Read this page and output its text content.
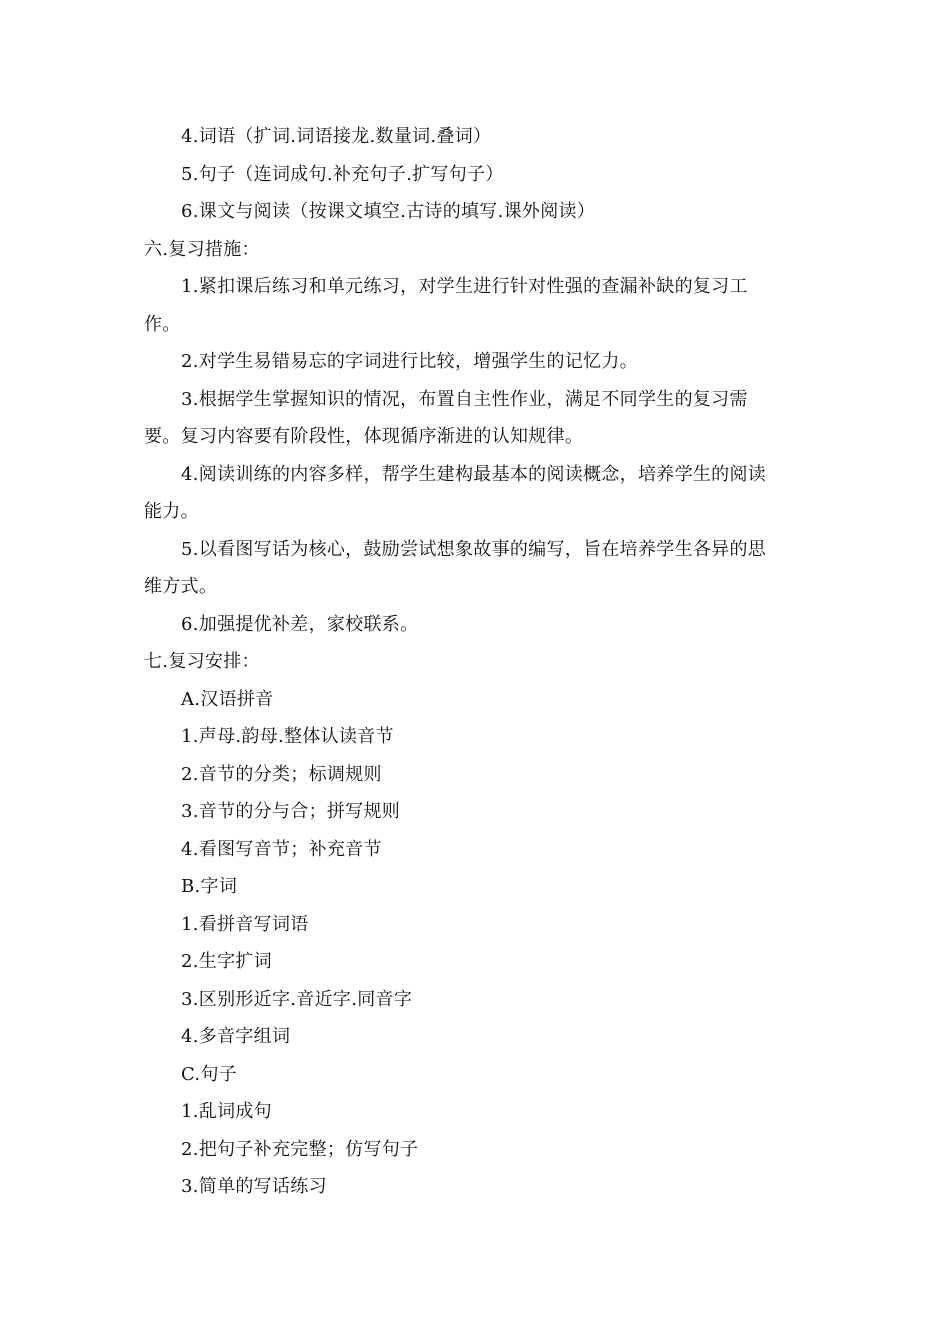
4.词语（扩词.词语接龙.数量词.叠词）
5.句子（连词成句.补充句子.扩写句子）
6.课文与阅读（按课文填空.古诗的填写.课外阅读）
六.复习措施：
1.紧扣课后练习和单元练习，对学生进行针对性强的查漏补缺的复习工
作。
2.对学生易错易忘的字词进行比较，增强学生的记忆力。
3.根据学生掌握知识的情况，布置自主性作业，满足不同学生的复习需
要。复习内容要有阶段性，体现循序渐进的认知规律。
4.阅读训练的内容多样，帮学生建构最基本的阅读概念，培养学生的阅读
能力。
5.以看图写话为核心，鼓励尝试想象故事的编写，旨在培养学生各异的思
维方式。
6.加强提优补差，家校联系。
七.复习安排：
A.汉语拼音
1.声母.韵母.整体认读音节
2.音节的分类；标调规则
3.音节的分与合；拼写规则
4.看图写音节；补充音节
B.字词
1.看拼音写词语
2.生字扩词
3.区别形近字.音近字.同音字
4.多音字组词
C.句子
1.乱词成句
2.把句子补充完整；仿写句子
3.简单的写话练习
